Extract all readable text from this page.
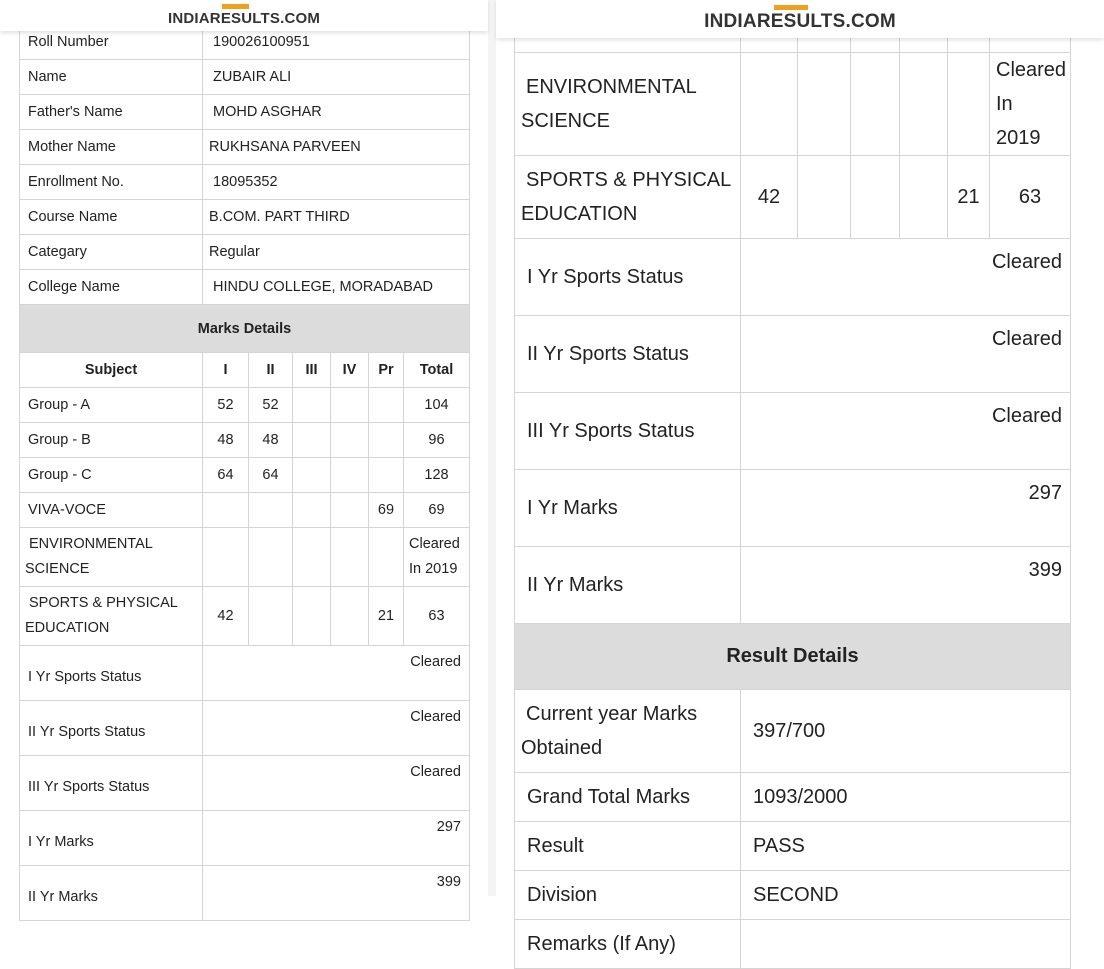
INDIARESULTS.COM
Roll Number	190026100951					
Name	ZUBAIR ALI					
Father's Name	MOHD ASGHAR					
Mother Name	RUKHSANA PARVEEN					
Enrollment No.	18095352					
Course Name	B.COM. PART THIRD					
Categary	Regular					
College Name	HINDU COLLEGE, MORADABAD					
Marks Details						
Subject	I	II	III	IV	Pr	Total
Group - A	52	52				104
Group - B	48	48				96
Group - C	64	64				128
VIVA-VOCE					69	69
ENVIRONMENTAL
SCIENCE						Cleared
In 2019
SPORTS & PHYSICAL
EDUCATION	42				21	63
I Yr Sports Status	Cleared					
II Yr Sports Status	Cleared					
III Yr Sports Status	Cleared					
I Yr Marks	297					
II Yr Marks	399					
INDIARESULTS.COM

ENVIRONMENTAL
SCIENCE						Cleared
In 2019
SPORTS & PHYSICAL
EDUCATION	42				21	63
I Yr Sports Status	Cleared					
II Yr Sports Status	Cleared					
III Yr Sports Status	Cleared					
I Yr Marks	297					
II Yr Marks	399					
Result Details						
Current year Marks
Obtained	397/700					
Grand Total Marks	1093/2000					
Result	PASS					
Division	SECOND					
Remarks (If Any)						
